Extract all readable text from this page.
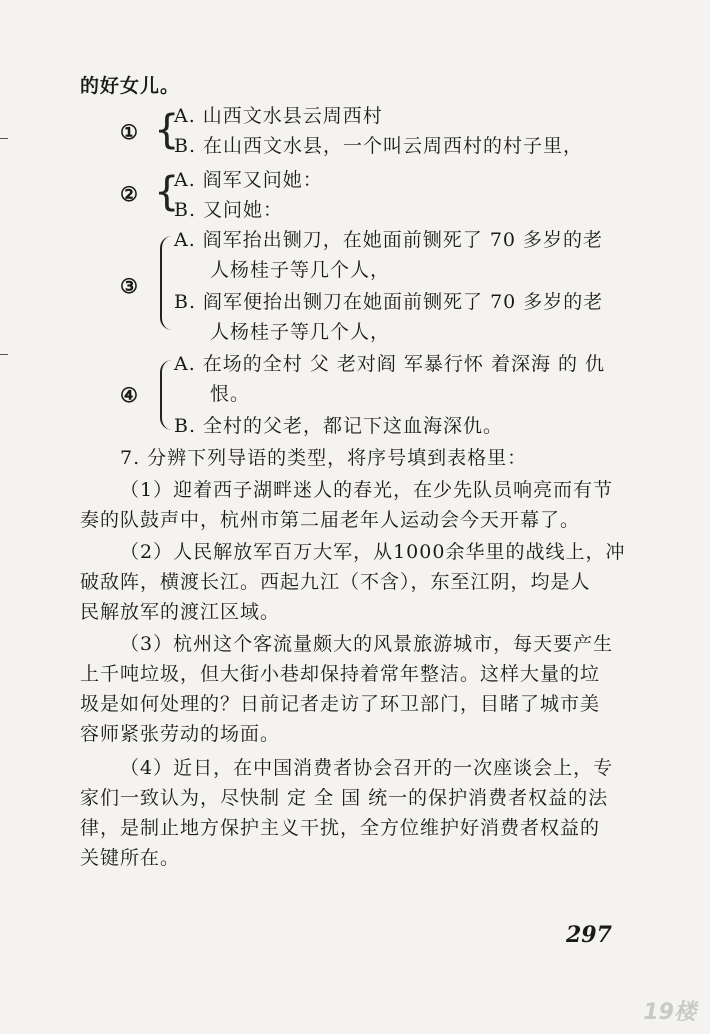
的好女儿。
① {
A. 山西文水县云周西村
B. 在山西文水县，一个叫云周西村的村子里，
② {
A. 阎军又问她：
B. 又问她：
③
A. 阎军抬出铡刀，在她面前铡死了 70 多岁的老
人杨桂子等几个人，
B. 阎军便抬出铡刀在她面前铡死了 70 多岁的老
人杨桂子等几个人，
④
A. 在场的全村 父 老对阎 军暴行怀 着深海 的 仇
恨。
B. 全村的父老，都记下这血海深仇。
7. 分辨下列导语的类型，将序号填到表格里：
（1）迎着西子湖畔迷人的春光，在少先队员响亮而有节
奏的队鼓声中，杭州市第二届老年人运动会今天开幕了。
（2）人民解放军百万大军，从1000余华里的战线上，冲
破敌阵，横渡长江。西起九江（不含），东至江阴，均是人
民解放军的渡江区域。
（3）杭州这个客流量颇大的风景旅游城市，每天要产生
上千吨垃圾，但大街小巷却保持着常年整洁。这样大量的垃
圾是如何处理的？日前记者走访了环卫部门，目睹了城市美
容师紧张劳动的场面。
（4）近日，在中国消费者协会召开的一次座谈会上，专
家们一致认为，尽快制 定 全 国 统一的保护消费者权益的法
律，是制止地方保护主义干扰，全方位维护好消费者权益的
关键所在。
297
19楼
